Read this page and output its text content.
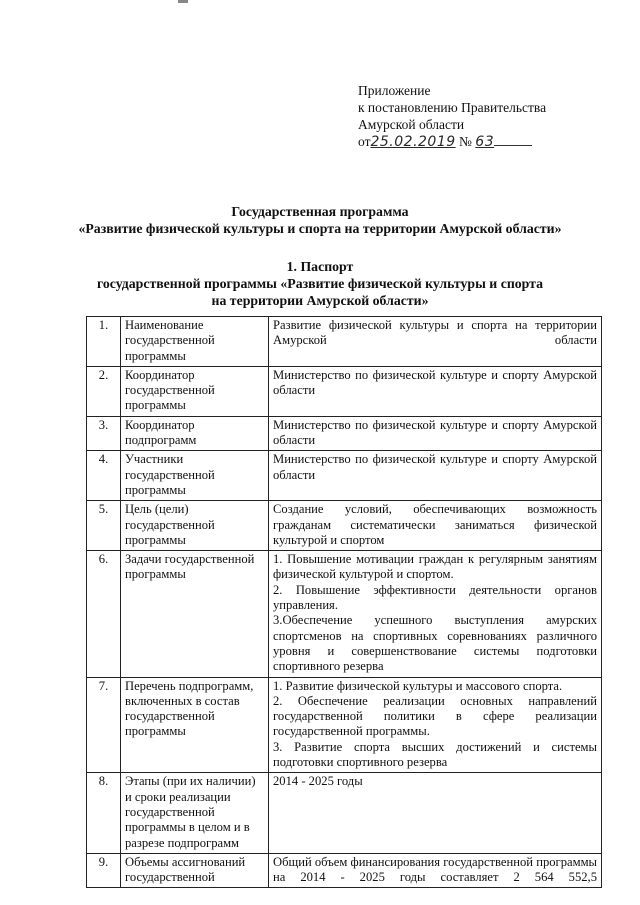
Приложение
к постановлению Правительства
Амурской области
от25.02.2019 № 63
Государственная программа
«Развитие физической культуры и спорта на территории Амурской области»
1. Паспорт
государственной программы «Развитие физической культуры и спорта
на территории Амурской области»
1.	Наименование государственной программы	Развитие физической культуры и спорта на территории Амурской области

2.	Координатор государственной программы	Министерство по физической культуре и спорту Амурской области

3.	Координатор подпрограмм	Министерство по физической культуре и спорту Амурской области

4.	Участники государственной программы	Министерство по физической культуре и спорту Амурской области

5.	Цель (цели) государственной программы	Создание условий, обеспечивающих возможность гражданам систематически заниматься физической культурой и спортом

6.	Задачи государственной программы	1. Повышение мотивации граждан к регулярным занятиям физической культурой и спортом.
2. Повышение эффективности деятельности органов управления.
3.Обеспечение успешного выступления амурских спортсменов на спортивных соревнованиях различного уровня и совершенствование системы подготовки спортивного резерва

7.	Перечень подпрограмм, включенных в состав государственной программы	1. Развитие физической культуры и массового спорта.
2. Обеспечение реализации основных направлений государственной политики в сфере реализации государственной программы.
3. Развитие спорта высших достижений и системы подготовки спортивного резерва

8.	Этапы (при их наличии) и сроки реализации государственной программы в целом и в разрезе подпрограмм	2014 - 2025 годы

9.	Объемы ассигнований государственной	Общий объем финансирования государственной программы на 2014 - 2025 годы составляет 2 564 552,5
